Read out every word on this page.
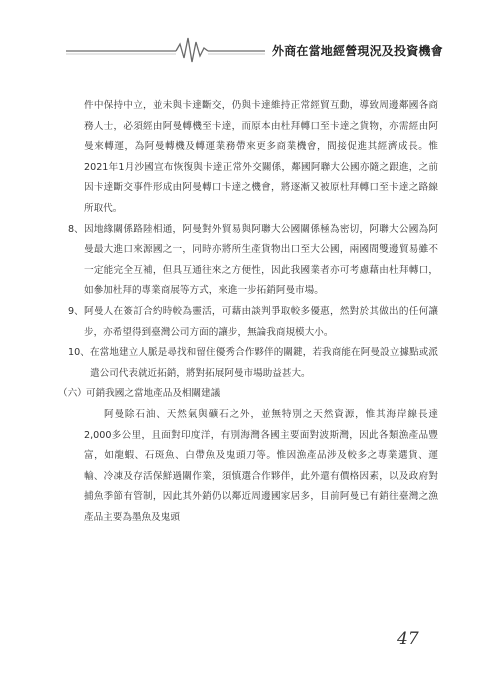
外商在當地經營現況及投資機會
件中保持中立，並未與卡達斷交，仍與卡達維持正常經貿互動，導致周邊鄰國各商務人士，必須經由阿曼轉機至卡達，而原本由杜拜轉口至卡達之貨物，亦需經由阿曼來轉運，為阿曼轉機及轉運業務帶來更多商業機會，間接促進其經濟成長。惟2021年1月沙國宣布恢復與卡達正常外交關係，鄰國阿聯大公國亦隨之跟進，之前因卡達斷交事件形成由阿曼轉口卡達之機會，將逐漸又被原杜拜轉口至卡達之路線所取代。
8、 因地緣關係路陸相通，阿曼對外貿易與阿聯大公國關係極為密切，阿聯大公國為阿曼最大進口來源國之一，同時亦將所生產貨物出口至大公國，兩國間雙邊貿易雖不一定能完全互補，但具互通往來之方便性，因此我國業者亦可考慮藉由杜拜轉口，如參加杜拜的專業商展等方式，來進一步拓銷阿曼市場。
9、 阿曼人在簽訂合約時較為靈活，可藉由談判爭取較多優惠，然對於其做出的任何讓步，亦希望得到臺灣公司方面的讓步，無論我商規模大小。
10、 在當地建立人脈是尋找和留住優秀合作夥伴的關鍵，若我商能在阿曼設立據點或派遣公司代表就近拓銷，將對拓展阿曼市場助益甚大。
（六） 可銷我國之當地產品及相關建議
阿曼除石油、天然氣與礦石之外，並無特別之天然資源，惟其海岸線長達2,000多公里，且面對印度洋，有別海灣各國主要面對波斯灣，因此各類漁產品豐富，如龍蝦、石斑魚、白帶魚及鬼頭刀等。惟因漁產品涉及較多之專業選貨、運輸、冷凍及存活保鮮過關作業，須慎選合作夥伴，此外還有價格因素，以及政府對捕魚季節有管制，因此其外銷仍以鄰近周邊國家居多，目前阿曼已有銷往臺灣之漁產品主要為墨魚及鬼頭
47
